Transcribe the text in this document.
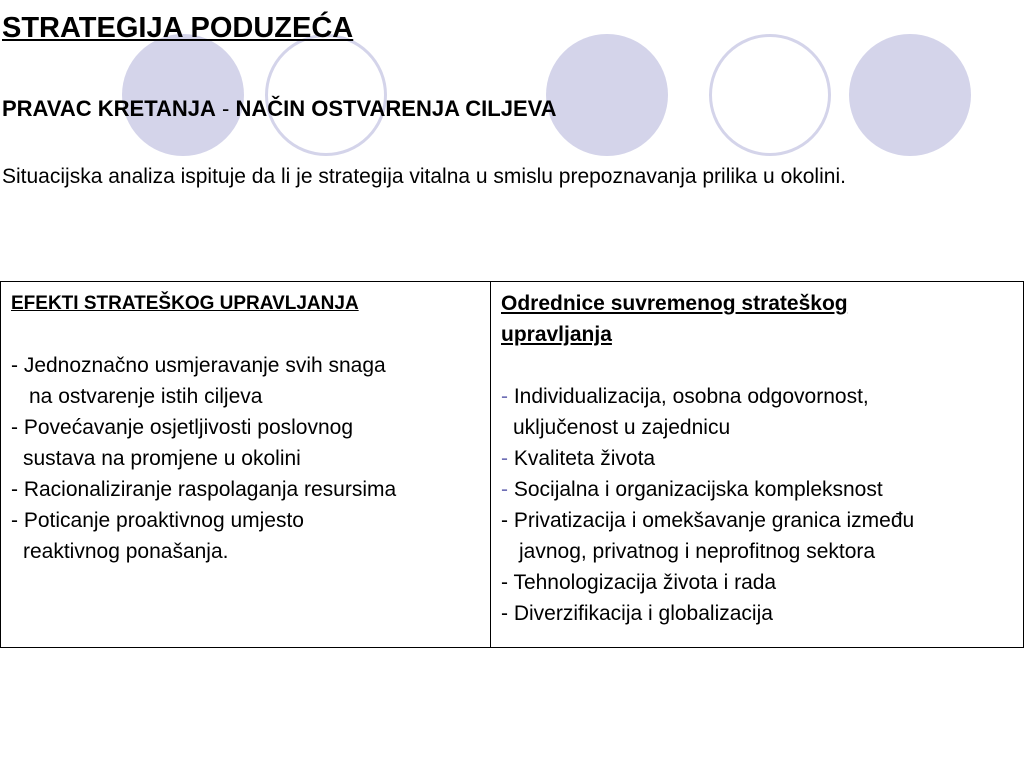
STRATEGIJA PODUZEĆA
PRAVAC KRETANJA - NAČIN OSTVARENJA CILJEVA
Situacijska analiza ispituje da li je strategija vitalna u smislu prepoznavanja prilika u okolini.
EFEKTI STRATEŠKOG UPRAVLJANJA
- Jednoznačno usmjeravanje svih snaga
na ostvarenje istih ciljeva
- Povećavanje osjetljivosti poslovnog
sustava na promjene u okolini
- Racionaliziranje raspolaganja resursima
- Poticanje proaktivnog umjesto
reaktivnog ponašanja.
Odrednice suvremenog strateškog
upravljanja
- Individualizacija, osobna odgovornost,
uključenost u zajednicu
- Kvaliteta života
- Socijalna i organizacijska kompleksnost
- Privatizacija i omekšavanje granica između
javnog, privatnog i neprofitnog sektora
- Tehnologizacija života i rada
- Diverzifikacija i globalizacija
